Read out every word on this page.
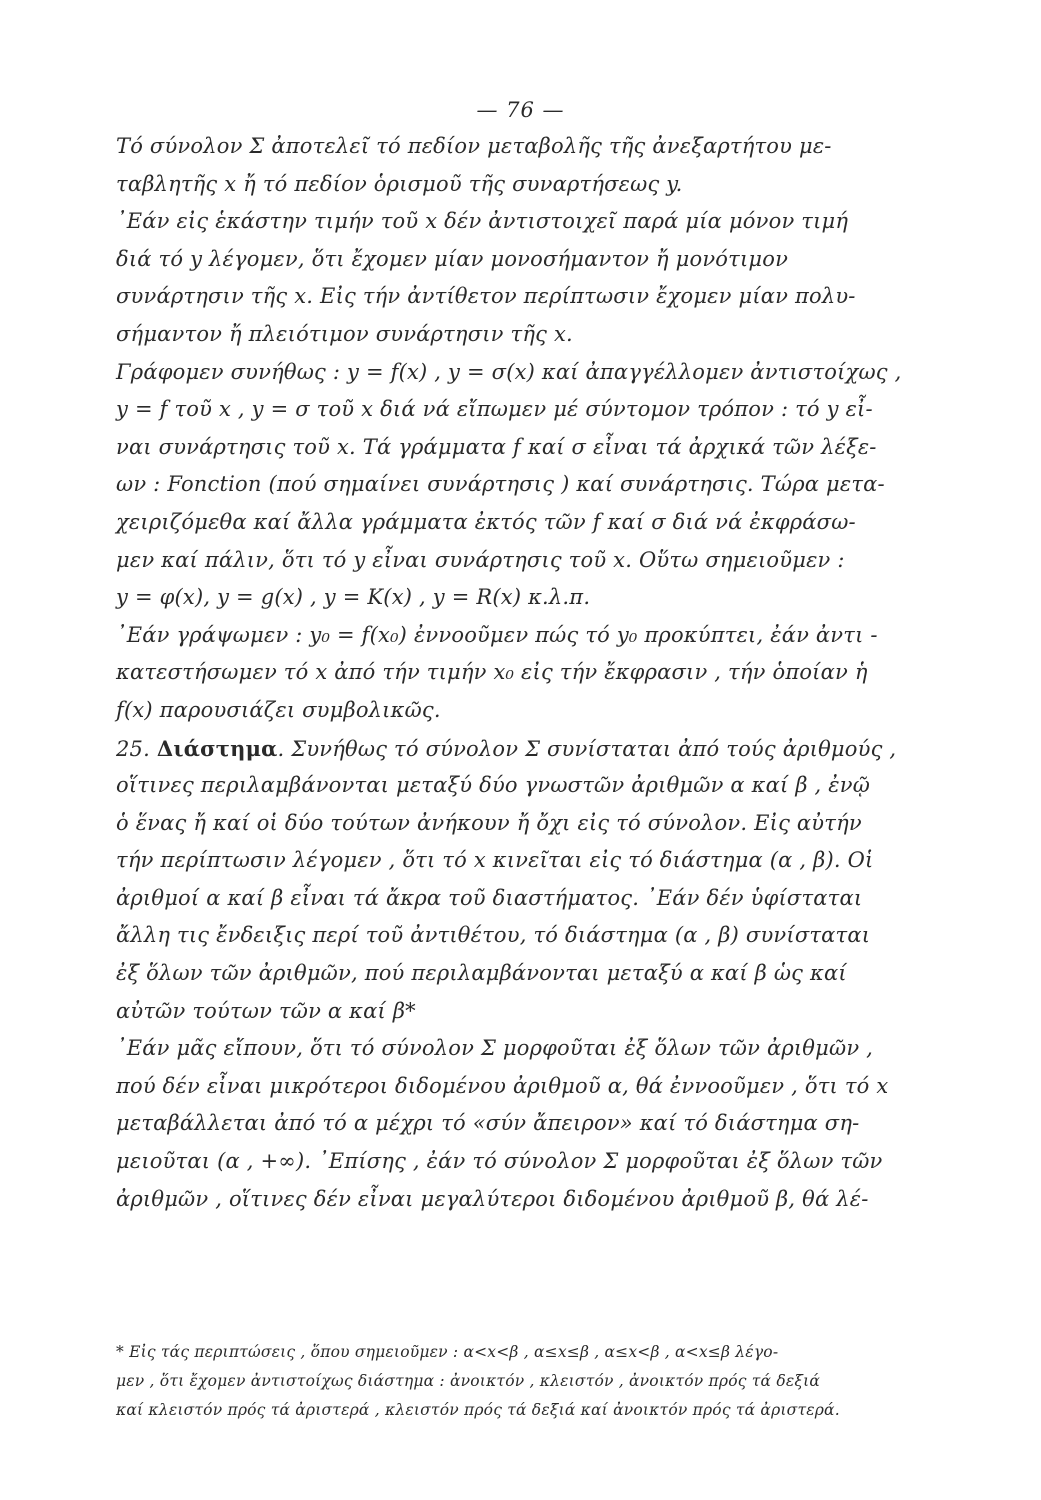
— 76 —
Τό σύνολον Σ ἀποτελεῖ τό πεδίον μεταβολῆς τῆς ἀνεξαρτήτου με-
ταβλητῆς x ἤ τό πεδίον ὁρισμοῦ τῆς συναρτήσεως y.
᾽Εάν εἰς ἑκάστην τιμήν τοῦ x δέν ἀντιστοιχεῖ παρά μία μόνον τιμή
διά τό y λέγομεν, ὅτι ἔχομεν μίαν μονοσήμαντον ἤ μονότιμον
συνάρτησιν τῆς x. Εἰς τήν ἀντίθετον περίπτωσιν ἔχομεν μίαν πολυ-
σήμαντον ἤ πλειότιμον συνάρτησιν τῆς x.
Γράφομεν συνήθως : y = f(x) , y = σ(x) καί ἀπαγγέλλομεν ἀντιστοίχως ,
y = f τοῦ x , y = σ τοῦ x διά νά εἴπωμεν μέ σύντομον τρόπον : τό y εἶ-
ναι συνάρτησις τοῦ x. Τά γράμματα f καί σ εἶναι τά ἀρχικά τῶν λέξε-
ων : Fonction (πού σημαίνει συνάρτησις ) καί συνάρτησις. Τώρα μετα-
χειριζόμεθα καί ἄλλα γράμματα ἐκτός τῶν f καί σ διά νά ἐκφράσω-
μεν καί πάλιν, ὅτι τό y εἶναι συνάρτησις τοῦ x. Οὕτω σημειοῦμεν :
y = φ(x), y = g(x) , y = K(x) , y = R(x) κ.λ.π.
᾽Εάν γράψωμεν : y₀ = f(x₀) ἐννοοῦμεν πώς τό y₀ προκύπτει, ἐάν ἀντι -
κατεστήσωμεν τό x ἀπό τήν τιμήν x₀ εἰς τήν ἔκφρασιν , τήν ὁποίαν ἡ
f(x) παρουσιάζει συμβολικῶς.
25. Διάστημα. Συνήθως τό σύνολον Σ συνίσταται ἀπό τούς ἀριθμούς ,
οἵτινες περιλαμβάνονται μεταξύ δύο γνωστῶν ἀριθμῶν α καί β , ἐνῷ
ὁ ἕνας ἤ καί οἱ δύο τούτων ἀνήκουν ἤ ὄχι εἰς τό σύνολον. Εἰς αὐτήν
τήν περίπτωσιν λέγομεν , ὅτι τό x κινεῖται εἰς τό διάστημα (α , β). Οἱ
ἀριθμοί α καί β εἶναι τά ἄκρα τοῦ διαστήματος. ᾽Εάν δέν ὑφίσταται
ἄλλη τις ἔνδειξις περί τοῦ ἀντιθέτου, τό διάστημα (α , β) συνίσταται
ἐξ ὅλων τῶν ἀριθμῶν, πού περιλαμβάνονται μεταξύ α καί β ὡς καί
αὐτῶν τούτων τῶν α καί β*
᾽Εάν μᾶς εἴπουν, ὅτι τό σύνολον Σ μορφοῦται ἐξ ὅλων τῶν ἀριθμῶν ,
πού δέν εἶναι μικρότεροι διδομένου ἀριθμοῦ α, θά ἐννοοῦμεν , ὅτι τό x
μεταβάλλεται ἀπό τό α μέχρι τό «σύν ἄπειρον» καί τό διάστημα ση-
μειοῦται (α , +∞). ᾽Επίσης , ἐάν τό σύνολον Σ μορφοῦται ἐξ ὅλων τῶν
ἀριθμῶν , οἵτινες δέν εἶναι μεγαλύτεροι διδομένου ἀριθμοῦ β, θά λέ-
* Εἰς τάς περιπτώσεις , ὅπου σημειοῦμεν : α<x<β , α≤x≤β , α≤x<β , α<x≤β λέγο-
μεν , ὅτι ἔχομεν ἀντιστοίχως διάστημα : ἀνοικτόν , κλειστόν , ἀνοικτόν πρός τά δεξιά
καί κλειστόν πρός τά ἀριστερά , κλειστόν πρός τά δεξιά καί ἀνοικτόν πρός τά ἀριστερά.
